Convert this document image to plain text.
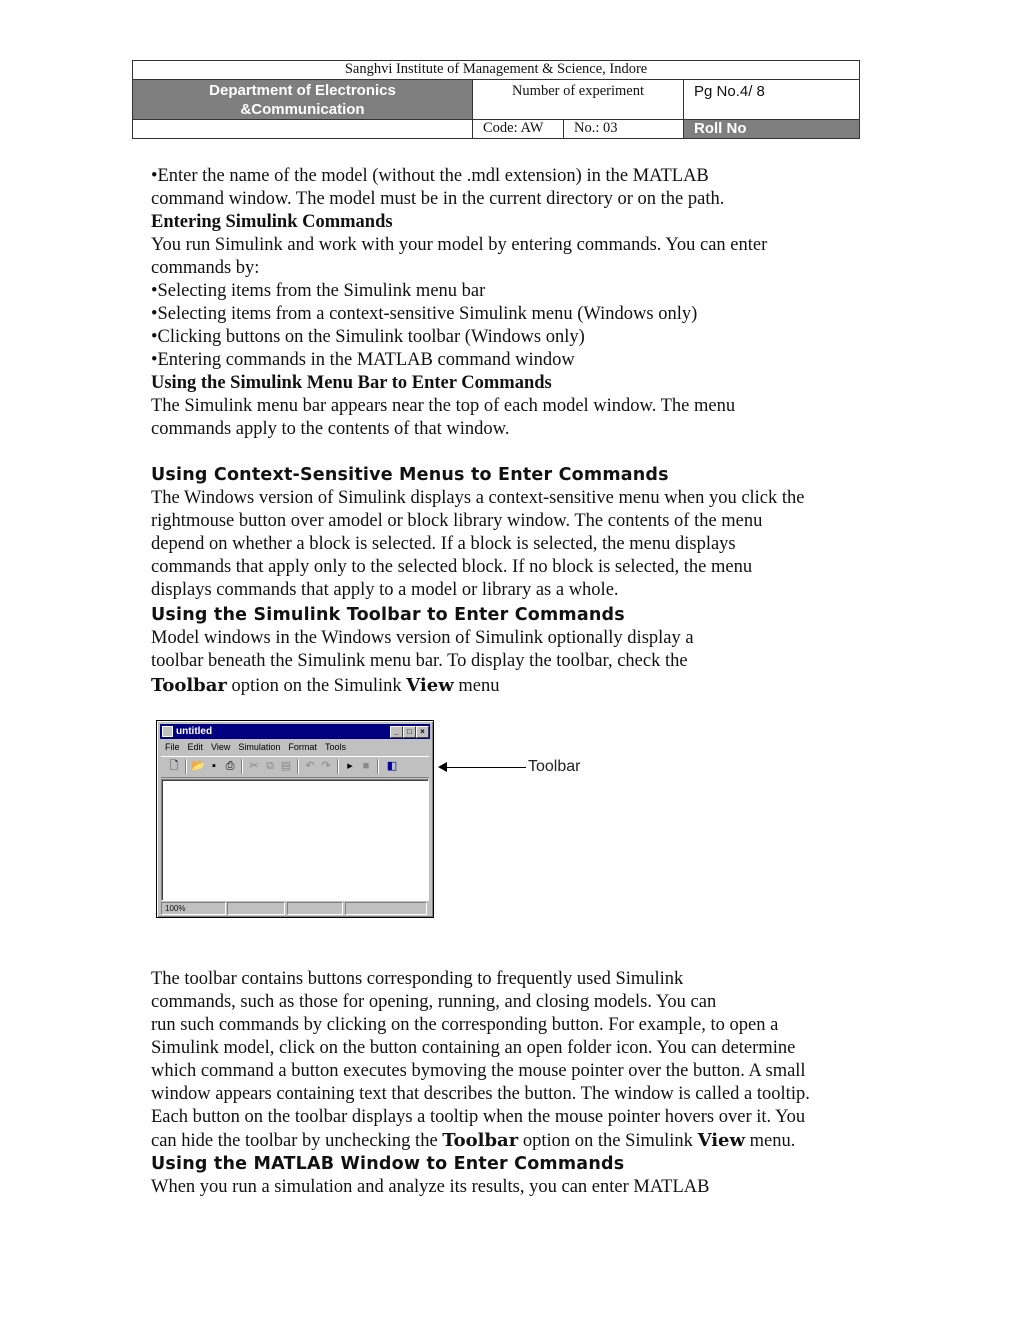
Sanghvi Institute of Management & Science, Indore			

Department of Electronics
&Communication	Number of experiment		Pg No.4/ 8
	Code: AW	No.: 03	Roll No

•Enter the name of the model (without the .mdl extension) in the MATLAB

command window. The model must be in the current directory or on the path.

Entering Simulink Commands

You run Simulink and work with your model by entering commands. You can enter

commands by:

•Selecting items from the Simulink menu bar

•Selecting items from a context-sensitive Simulink menu (Windows only)

•Clicking buttons on the Simulink toolbar (Windows only)

•Entering commands in the MATLAB command window

Using the Simulink Menu Bar to Enter Commands

The Simulink menu bar appears near the top of each model window. The menu

commands apply to the contents of that window.

Using Context-Sensitive Menus to Enter Commands

The Windows version of Simulink displays a context-sensitive menu when you click the

rightmouse button over amodel or block library window. The contents of the menu

depend on whether a block is selected. If a block is selected, the menu displays

commands that apply only to the selected block. If no block is selected, the menu

displays commands that apply to a model or library as a whole.

Using the Simulink Toolbar to Enter Commands

Model windows in the Windows version of Simulink optionally display a

toolbar beneath the Simulink menu bar. To display the toolbar, check the

Toolbar option on the Simulink View menu

untitled	_	□	×
File Edit View Simulation Format Tools
🗋 📂 ▪ ⎙ ✂ ⧉ ▤ ↶ ↷	▸ ■	◧
100%
Toolbar

The toolbar contains buttons corresponding to frequently used Simulink

commands, such as those for opening, running, and closing models. You can

run such commands by clicking on the corresponding button. For example, to open a

Simulink model, click on the button containing an open folder icon. You can determine

which command a button executes bymoving the mouse pointer over the button. A small

window appears containing text that describes the button. The window is called a tooltip.

Each button on the toolbar displays a tooltip when the mouse pointer hovers over it. You

can hide the toolbar by unchecking the Toolbar option on the Simulink View menu.

Using the MATLAB Window to Enter Commands

When you run a simulation and analyze its results, you can enter MATLAB
